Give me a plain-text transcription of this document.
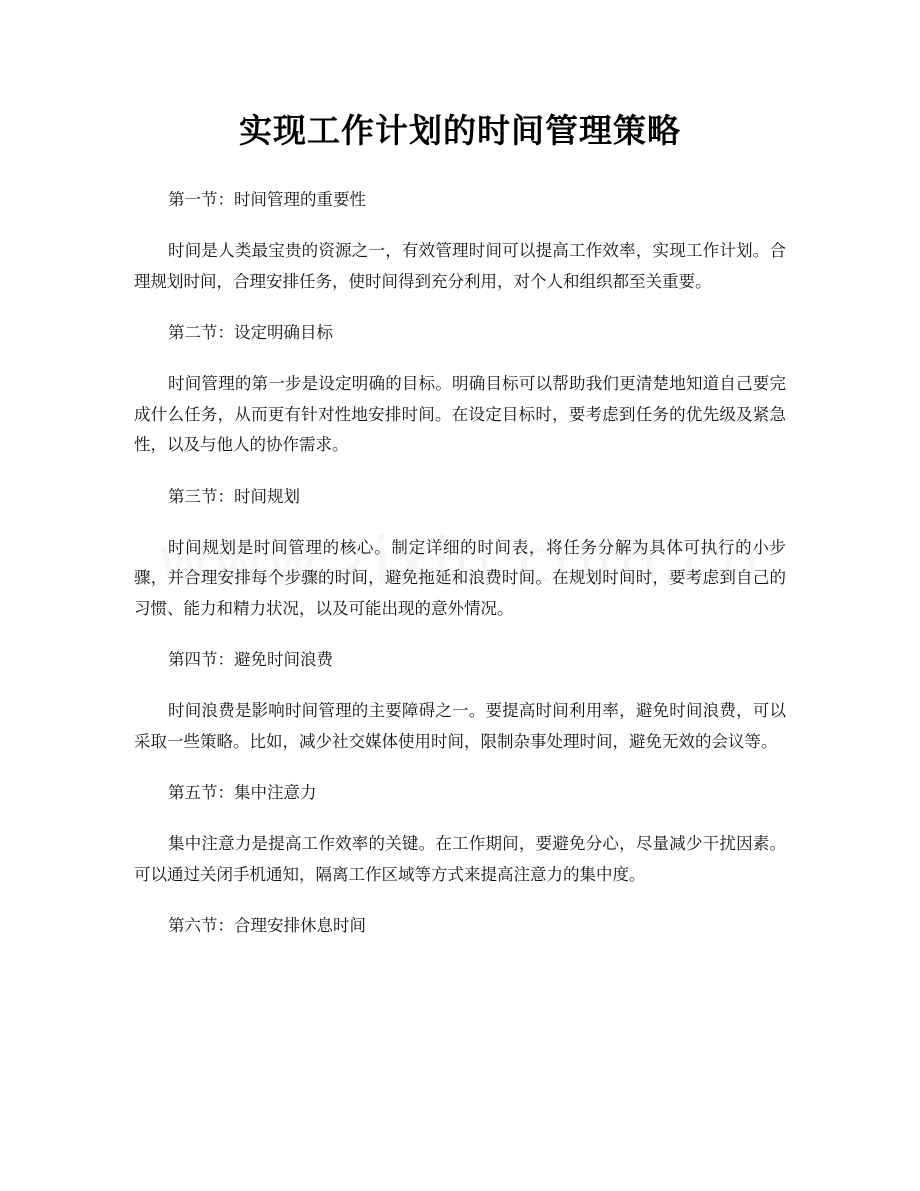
实现工作计划的时间管理策略

第一节：时间管理的重要性

时间是人类最宝贵的资源之一，有效管理时间可以提高工作效率，实现工作计划。合理规划时间，合理安排任务，使时间得到充分利用，对个人和组织都至关重要。

第二节：设定明确目标

时间管理的第一步是设定明确的目标。明确目标可以帮助我们更清楚地知道自己要完成什么任务，从而更有针对性地安排时间。在设定目标时，要考虑到任务的优先级及紧急性，以及与他人的协作需求。

第三节：时间规划

时间规划是时间管理的核心。制定详细的时间表，将任务分解为具体可执行的小步骤，并合理安排每个步骤的时间，避免拖延和浪费时间。在规划时间时，要考虑到自己的习惯、能力和精力状况，以及可能出现的意外情况。

第四节：避免时间浪费

时间浪费是影响时间管理的主要障碍之一。要提高时间利用率，避免时间浪费，可以采取一些策略。比如，减少社交媒体使用时间，限制杂事处理时间，避免无效的会议等。

第五节：集中注意力

集中注意力是提高工作效率的关键。在工作期间，要避免分心，尽量减少干扰因素。可以通过关闭手机通知，隔离工作区域等方式来提高注意力的集中度。

第六节：合理安排休息时间
